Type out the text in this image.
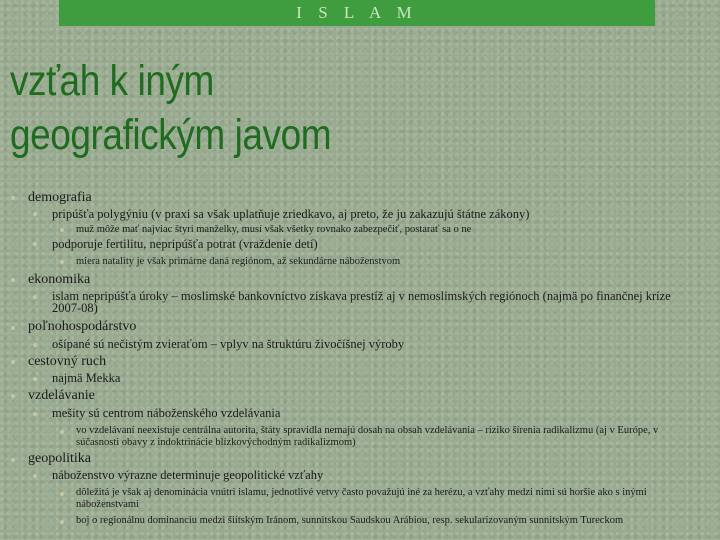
I S L A M
vzťah k iným
geografickým javom
demografia
pripúšťa polygýniu (v praxi sa však uplatňuje zriedkavo, aj preto, že ju zakazujú štátne zákony)
muž môže mať najviac štyri manželky, musí však všetky rovnako zabezpečiť, postarať sa o ne
podporuje fertilitu, nepripúšťa potrat (vraždenie detí)
miera natality je však primárne daná regiónom, až sekundárne náboženstvom
ekonomika
islam nepripúšťa úroky – moslimské bankovníctvo získava prestíž aj v nemoslimských regiónoch (najmä po finančnej kríze 2007-08)
poľnohospodárstvo
ošípané sú nečistým zvieraťom – vplyv na štruktúru živočíšnej výroby
cestovný ruch
najmä Mekka
vzdelávanie
mešity sú centrom náboženského vzdelávania
vo vzdelávaní neexistuje centrálna autorita, štáty spravidla nemajú dosah na obsah vzdelávania – riziko šírenia radikalizmu (aj v Európe, v súčasnosti obavy z indoktrinácie blízkovýchodným radikalizmom)
geopolitika
náboženstvo výrazne determinuje geopolitické vzťahy
dôležitá je však aj denominácia vnútri islamu, jednotlivé vetvy často považujú iné za herézu, a vzťahy medzi nimi sú horšie ako s inými náboženstvami
boj o regionálnu dominanciu medzi šiítským Iránom, sunnitskou Saudskou Arábiou, resp. sekularizovaným sunnitským Tureckom
